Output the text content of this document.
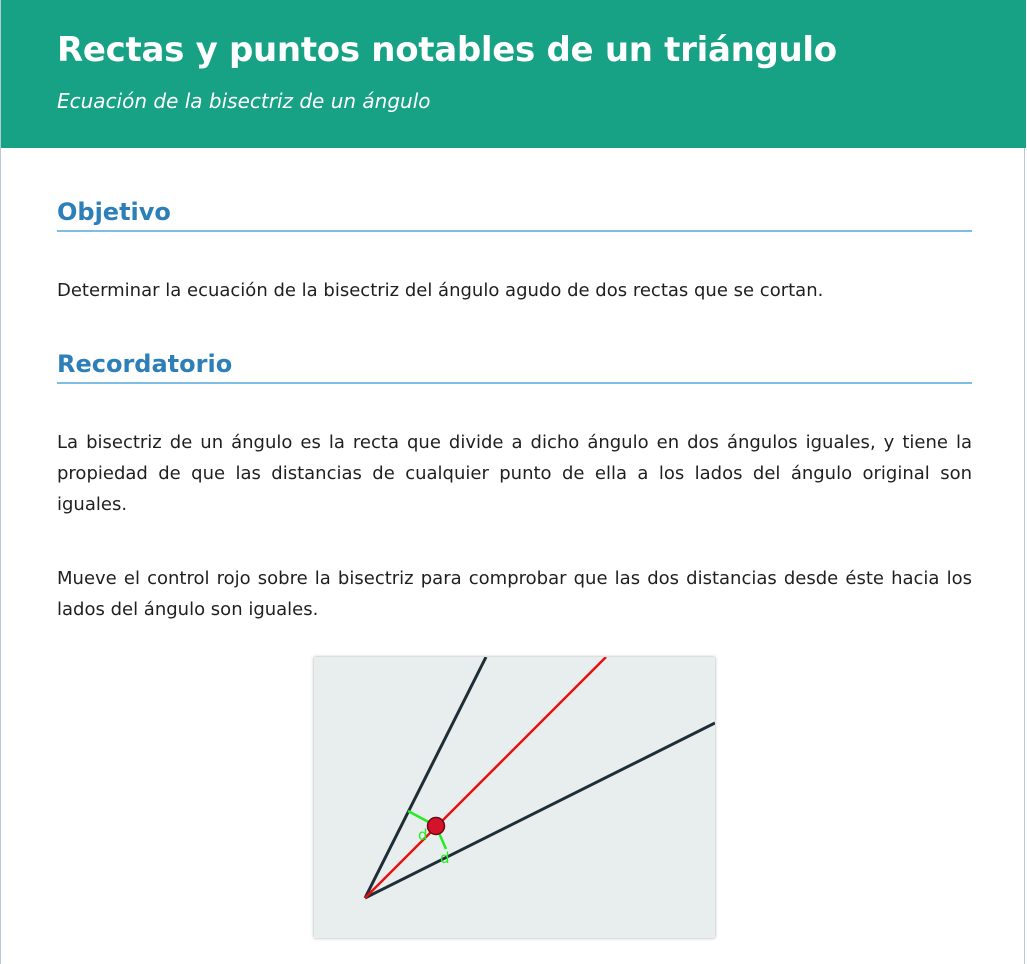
Rectas y puntos notables de un triángulo

Ecuación de la bisectriz de un ángulo

Objetivo

Determinar la ecuación de la bisectriz del ángulo agudo de dos rectas que se cortan.

Recordatorio

La bisectriz de un ángulo es la recta que divide a dicho ángulo en dos ángulos iguales, y tiene la propiedad de que las distancias de cualquier punto de ella a los lados del ángulo original son iguales.

Mueve el control rojo sobre la bisectriz para comprobar que las dos distancias desde éste hacia los lados del ángulo son iguales.

d
d
